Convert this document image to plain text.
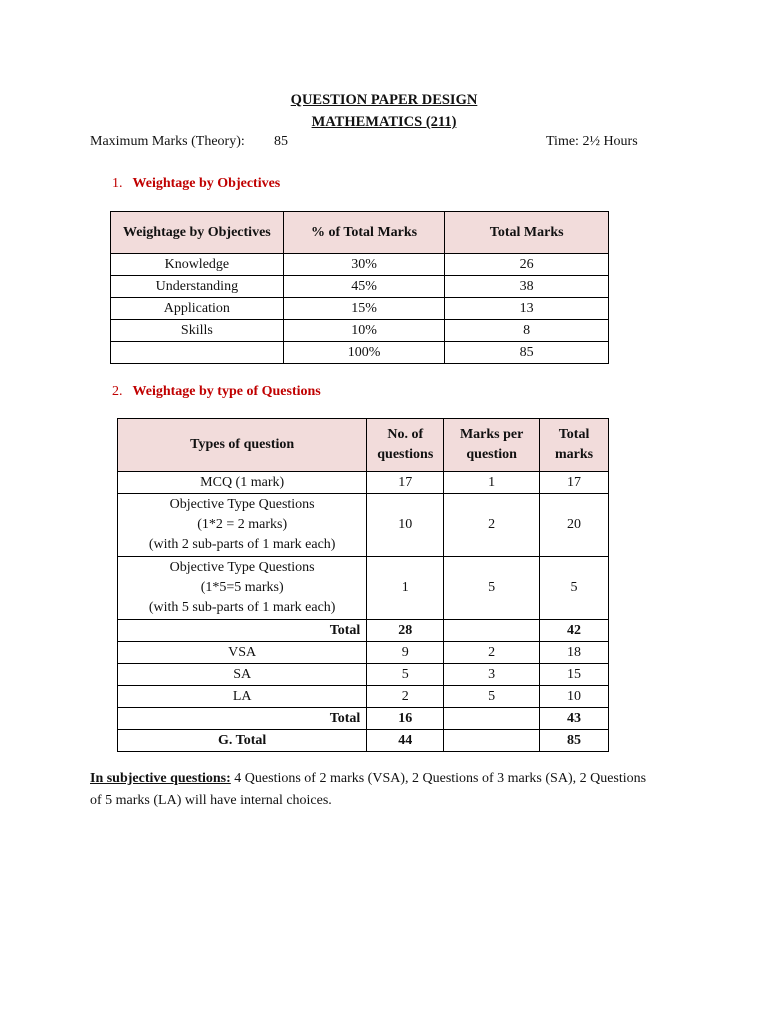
QUESTION PAPER DESIGN
MATHEMATICS (211)
Maximum Marks (Theory): 85	Time: 2½ Hours
1. Weightage by Objectives
Weightage by Objectives	% of Total Marks	Total Marks
Knowledge	30%	26
Understanding	45%	38
Application	15%	13
Skills	10%	8
	100%	85
2. Weightage by type of Questions
Types of question	No. of questions	Marks per question	Total marks
MCQ (1 mark)	17	1	17

Objective Type Questions
(1*2 = 2 marks)
(with 2 sub-parts of 1 mark each)	10	2	20

Objective Type Questions
(1*5=5 marks)
(with 5 sub-parts of 1 mark each)	1	5	5
Total	28		42
VSA	9	2	18
SA	5	3	15
LA	2	5	10
Total	16		43
G. Total	44		85
In subjective questions: 4 Questions of 2 marks (VSA), 2 Questions of 3 marks (SA), 2 Questions of 5 marks (LA) will have internal choices.
